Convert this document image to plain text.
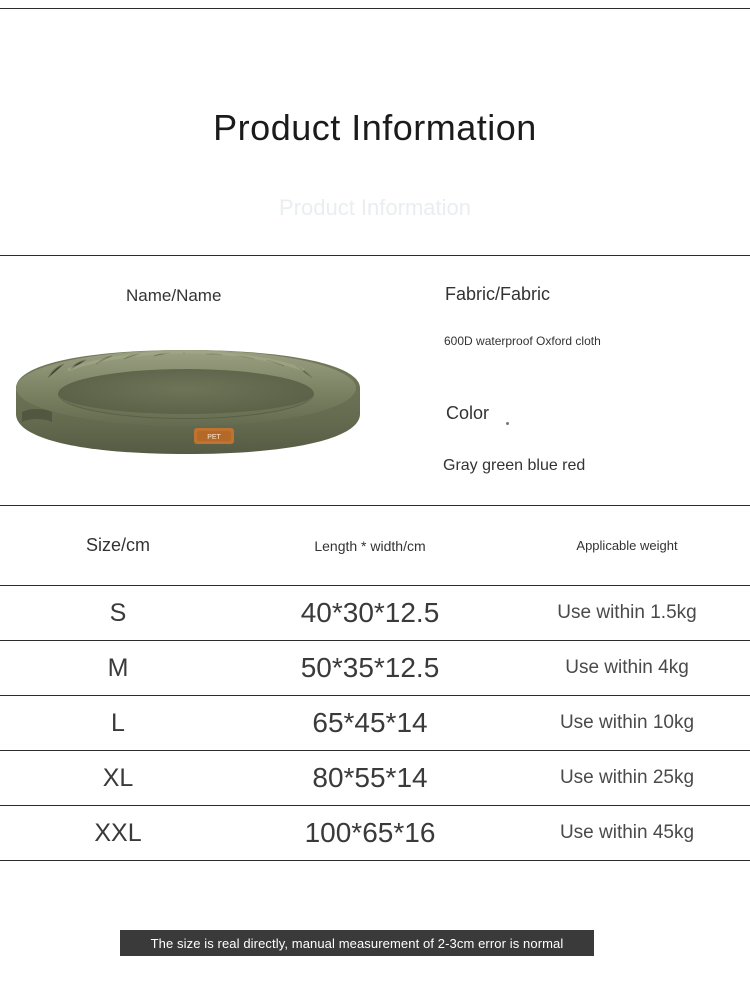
Product Information
Product Information
PET
Name/Name	Fabric/Fabric
600D waterproof Oxford cloth
Color
Gray green blue red
Size/cm	Length * width/cm	Applicable weight
S	40*30*12.5	Use within 1.5kg
M	50*35*12.5	Use within 4kg
L	65*45*14	Use within 10kg
XL	80*55*14	Use within 25kg
XXL	100*65*16	Use within 45kg
The size is real directly, manual measurement of 2-3cm error is normal
